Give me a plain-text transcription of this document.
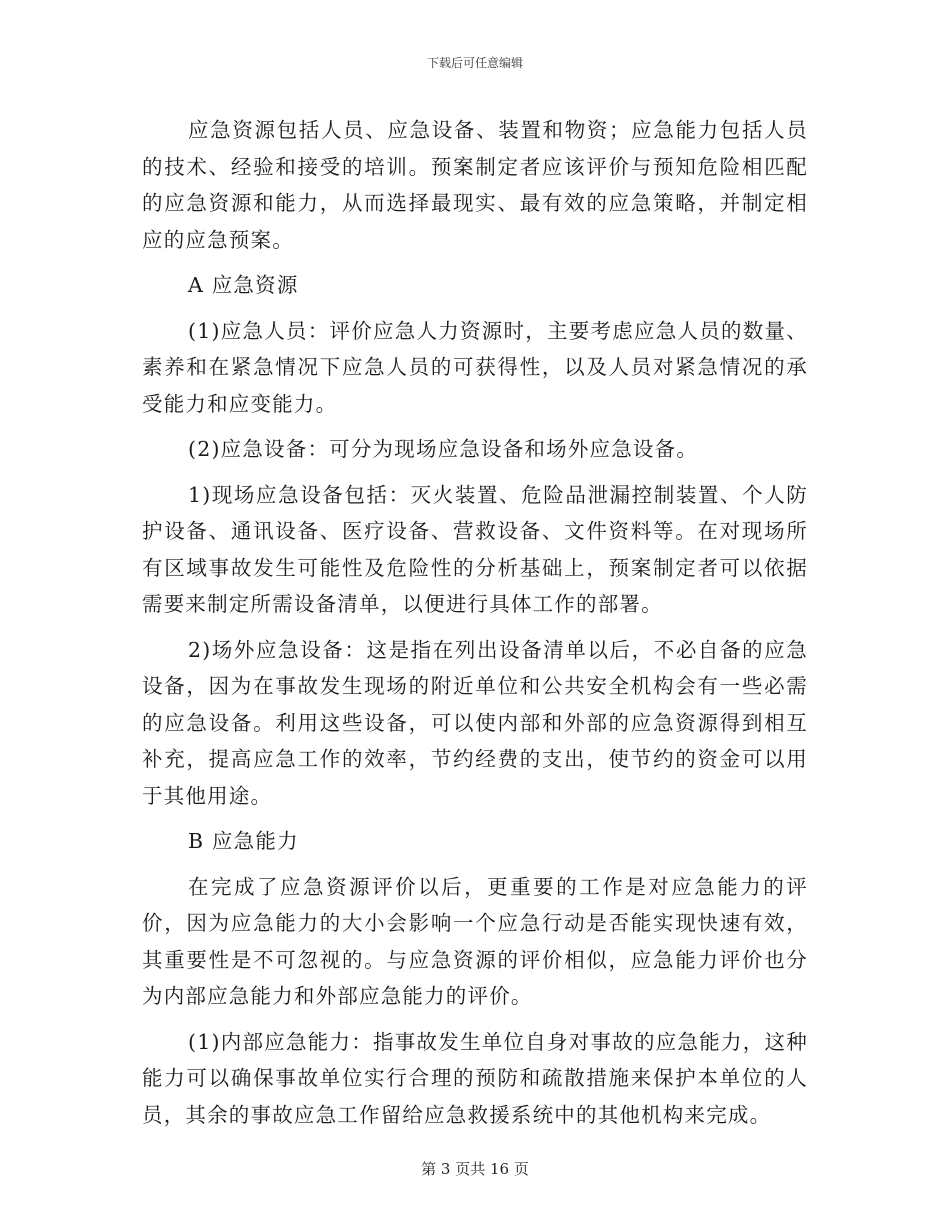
下载后可任意编辑

应急资源包括人员、应急设备、装置和物资；应急能力包括人员的技术、经验和接受的培训。预案制定者应该评价与预知危险相匹配的应急资源和能力，从而选择最现实、最有效的应急策略，并制定相应的应急预案。

A 应急资源

(1)应急人员：评价应急人力资源时，主要考虑应急人员的数量、素养和在紧急情况下应急人员的可获得性，以及人员对紧急情况的承受能力和应变能力。

(2)应急设备：可分为现场应急设备和场外应急设备。

1)现场应急设备包括：灭火装置、危险品泄漏控制装置、个人防护设备、通讯设备、医疗设备、营救设备、文件资料等。在对现场所有区域事故发生可能性及危险性的分析基础上，预案制定者可以依据需要来制定所需设备清单，以便进行具体工作的部署。

2)场外应急设备：这是指在列出设备清单以后，不必自备的应急设备，因为在事故发生现场的附近单位和公共安全机构会有一些必需的应急设备。利用这些设备，可以使内部和外部的应急资源得到相互补充，提高应急工作的效率，节约经费的支出，使节约的资金可以用于其他用途。

B 应急能力

在完成了应急资源评价以后，更重要的工作是对应急能力的评价，因为应急能力的大小会影响一个应急行动是否能实现快速有效，其重要性是不可忽视的。与应急资源的评价相似，应急能力评价也分为内部应急能力和外部应急能力的评价。

(1)内部应急能力：指事故发生单位自身对事故的应急能力，这种能力可以确保事故单位实行合理的预防和疏散措施来保护本单位的人员，其余的事故应急工作留给应急救援系统中的其他机构来完成。

第 3 页共 16 页
